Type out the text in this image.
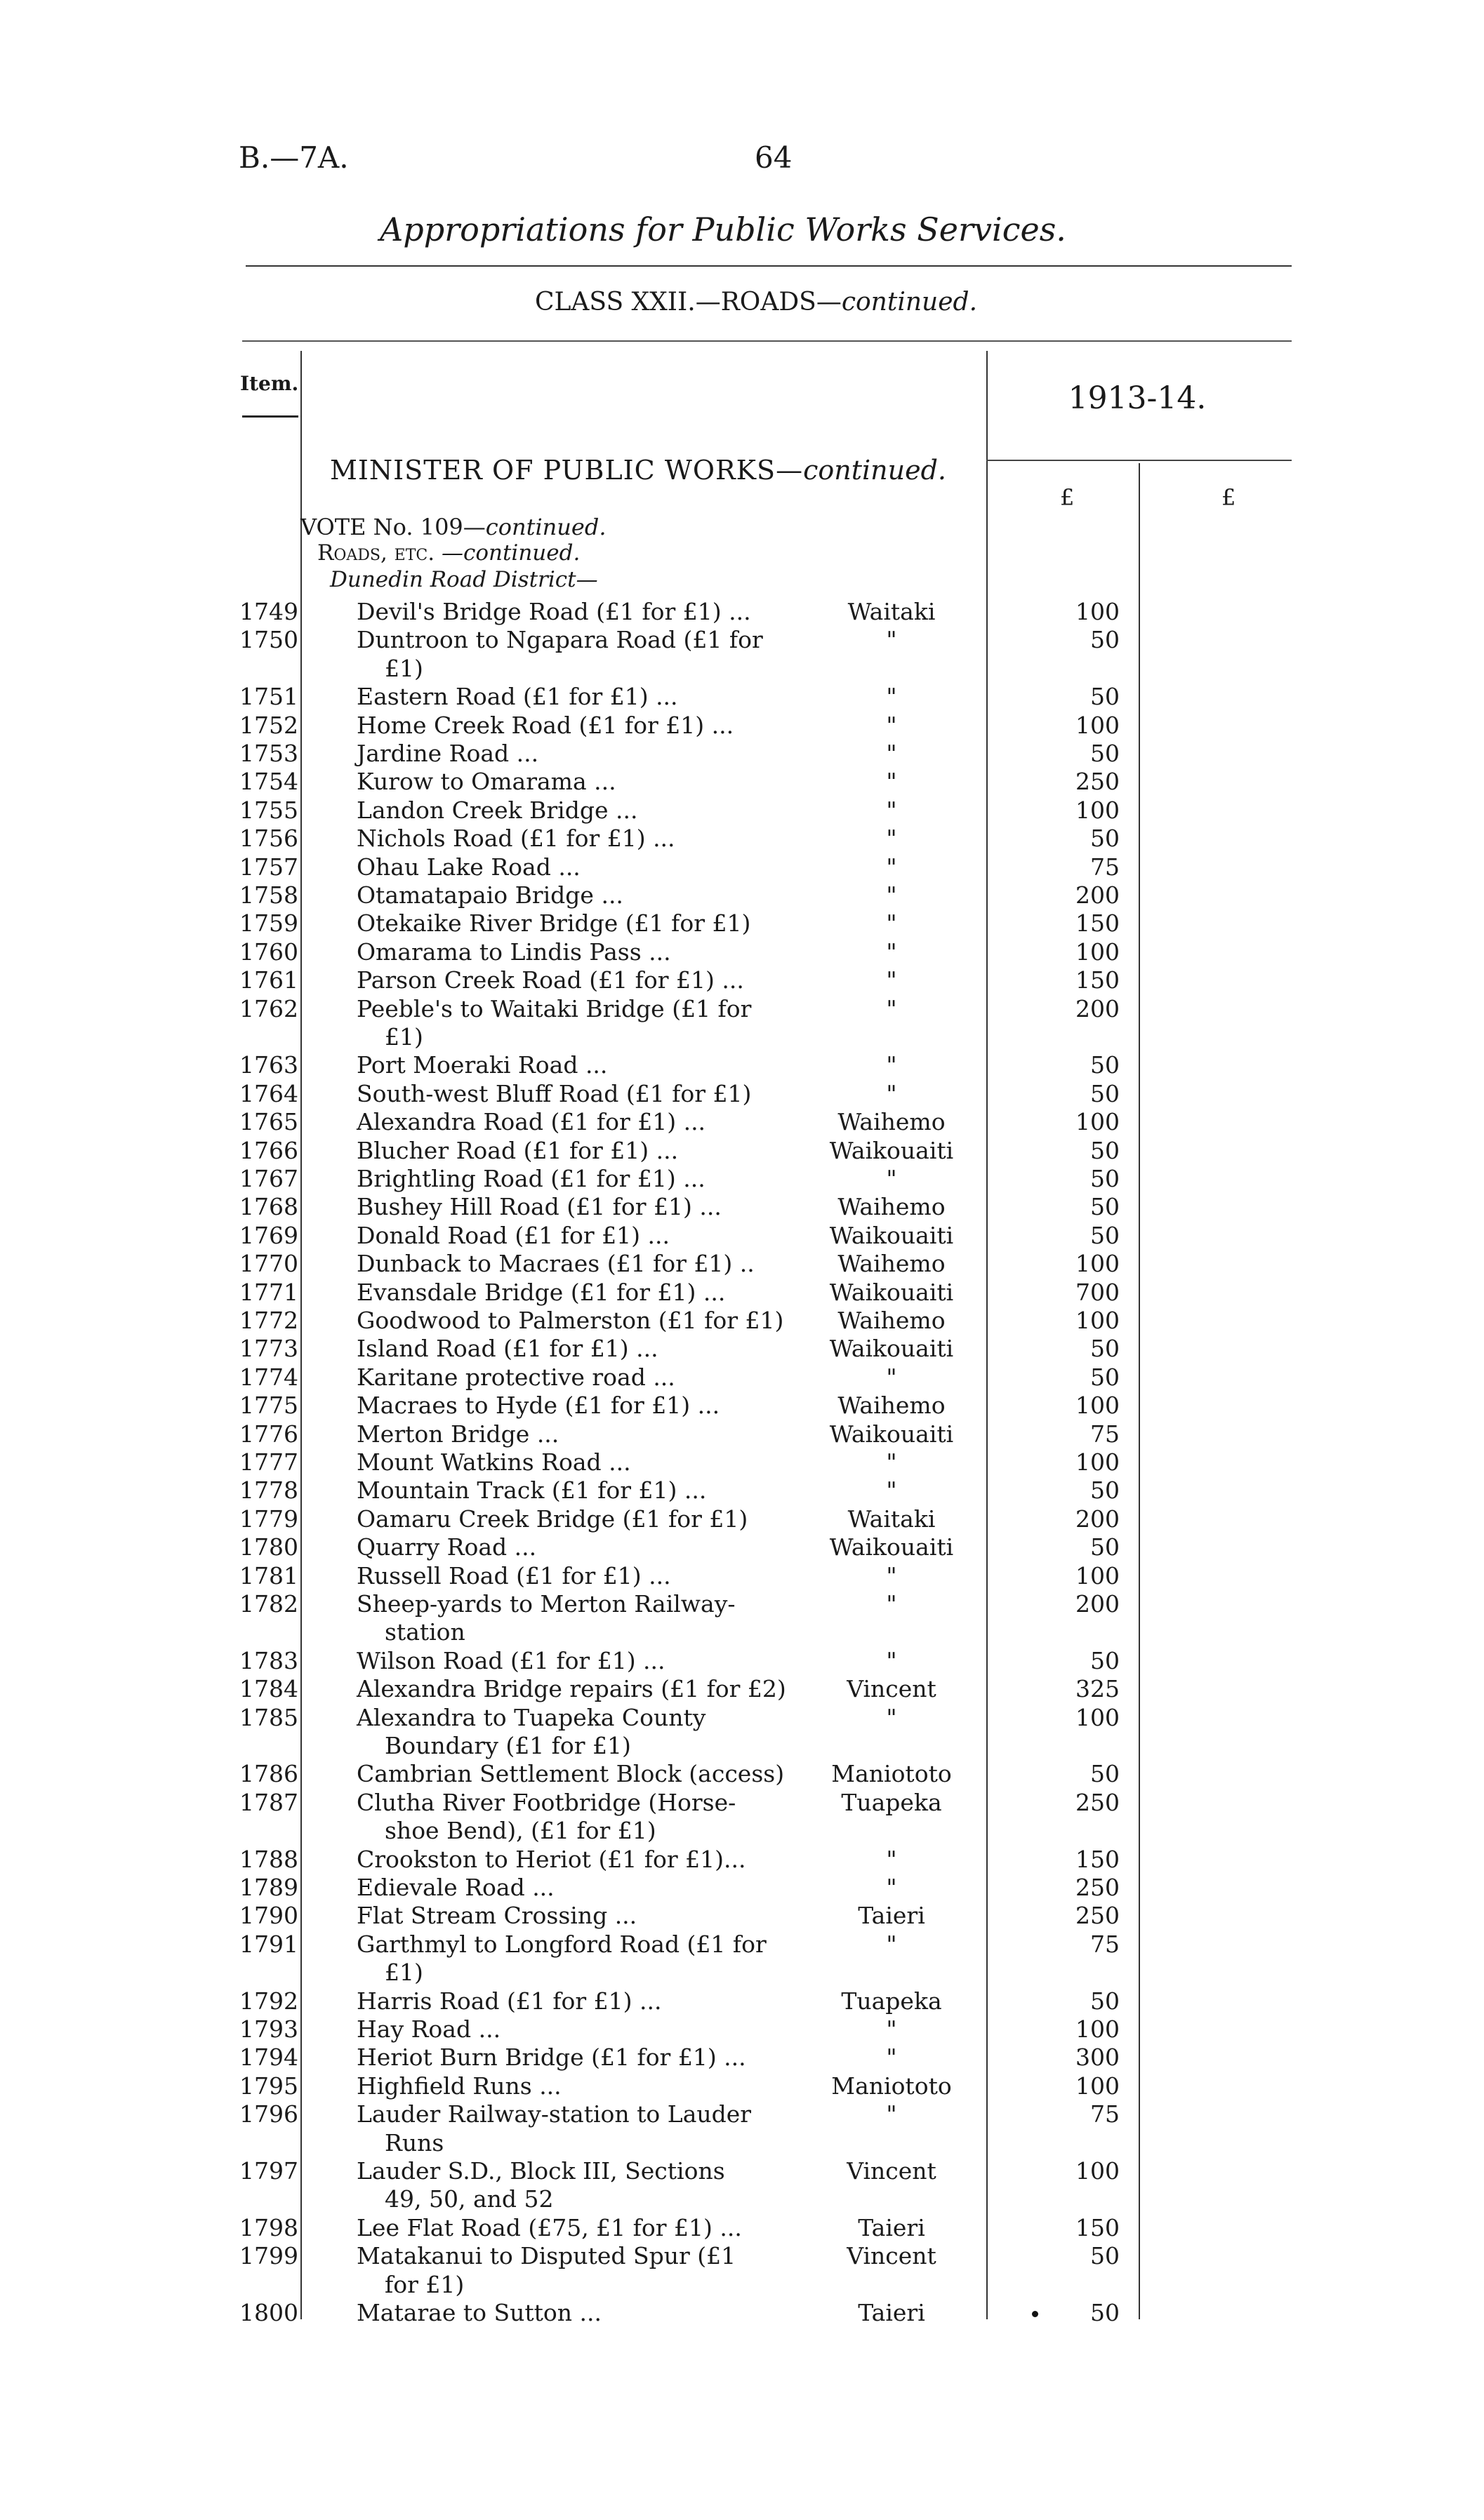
B.—7A.	64
Appropriations for Public Works Services.
CLASS XXII.—ROADS—continued.
Item.	1913-14.
MINISTER OF PUBLIC WORKS—continued.
£	£
VOTE No. 109—continued.
Roads, etc. —continued.
Dunedin Road District—
1749	Devil's Bridge Road (£1 for £1) ...	Waitaki	100
1750	Duntroon to Ngapara Road (£1 for	"	50
£1)
1751	Eastern Road (£1 for £1) ...	"	50
1752	Home Creek Road (£1 for £1) ...	"	100
1753	Jardine Road ...	"	50
1754	Kurow to Omarama ...	"	250
1755	Landon Creek Bridge ...	"	100
1756	Nichols Road (£1 for £1) ...	"	50
1757	Ohau Lake Road ...	"	75
1758	Otamatapaio Bridge ...	"	200
1759	Otekaike River Bridge (£1 for £1)	"	150
1760	Omarama to Lindis Pass ...	"	100
1761	Parson Creek Road (£1 for £1) ...	"	150
1762	Peeble's to Waitaki Bridge (£1 for	"	200
£1)
1763	Port Moeraki Road ...	"	50
1764	South-west Bluff Road (£1 for £1)	"	50
1765	Alexandra Road (£1 for £1) ...	Waihemo	100
1766	Blucher Road (£1 for £1) ...	Waikouaiti	50
1767	Brightling Road (£1 for £1) ...	"	50
1768	Bushey Hill Road (£1 for £1) ...	Waihemo	50
1769	Donald Road (£1 for £1) ...	Waikouaiti	50
1770	Dunback to Macraes (£1 for £1) ..	Waihemo	100
1771	Evansdale Bridge (£1 for £1) ...	Waikouaiti	700
1772	Goodwood to Palmerston (£1 for £1)	Waihemo	100
1773	Island Road (£1 for £1) ...	Waikouaiti	50
1774	Karitane protective road ...	"	50
1775	Macraes to Hyde (£1 for £1) ...	Waihemo	100
1776	Merton Bridge ...	Waikouaiti	75
1777	Mount Watkins Road ...	"	100
1778	Mountain Track (£1 for £1) ...	"	50
1779	Oamaru Creek Bridge (£1 for £1)	Waitaki	200
1780	Quarry Road ...	Waikouaiti	50
1781	Russell Road (£1 for £1) ...	"	100
1782	Sheep-yards to Merton Railway-	"	200
station
1783	Wilson Road (£1 for £1) ...	"	50
1784	Alexandra Bridge repairs (£1 for £2)	Vincent	325
1785	Alexandra to Tuapeka County	"	100
Boundary (£1 for £1)
1786	Cambrian Settlement Block (access)	Maniototo	50
1787	Clutha River Footbridge (Horse-	Tuapeka	250
shoe Bend), (£1 for £1)
1788	Crookston to Heriot (£1 for £1)...	"	150
1789	Edievale Road ...	"	250
1790	Flat Stream Crossing ...	Taieri	250
1791	Garthmyl to Longford Road (£1 for	"	75
£1)
1792	Harris Road (£1 for £1) ...	Tuapeka	50
1793	Hay Road ...	"	100
1794	Heriot Burn Bridge (£1 for £1) ...	"	300
1795	Highfield Runs ...	Maniototo	100
1796	Lauder Railway-station to Lauder	"	75
Runs
1797	Lauder S.D., Block III, Sections	Vincent	100
49, 50, and 52
1798	Lee Flat Road (£75, £1 for £1) ...	Taieri	150
1799	Matakanui to Disputed Spur (£1	Vincent	50
for £1)
1800	Matarae to Sutton ...	Taieri	50
